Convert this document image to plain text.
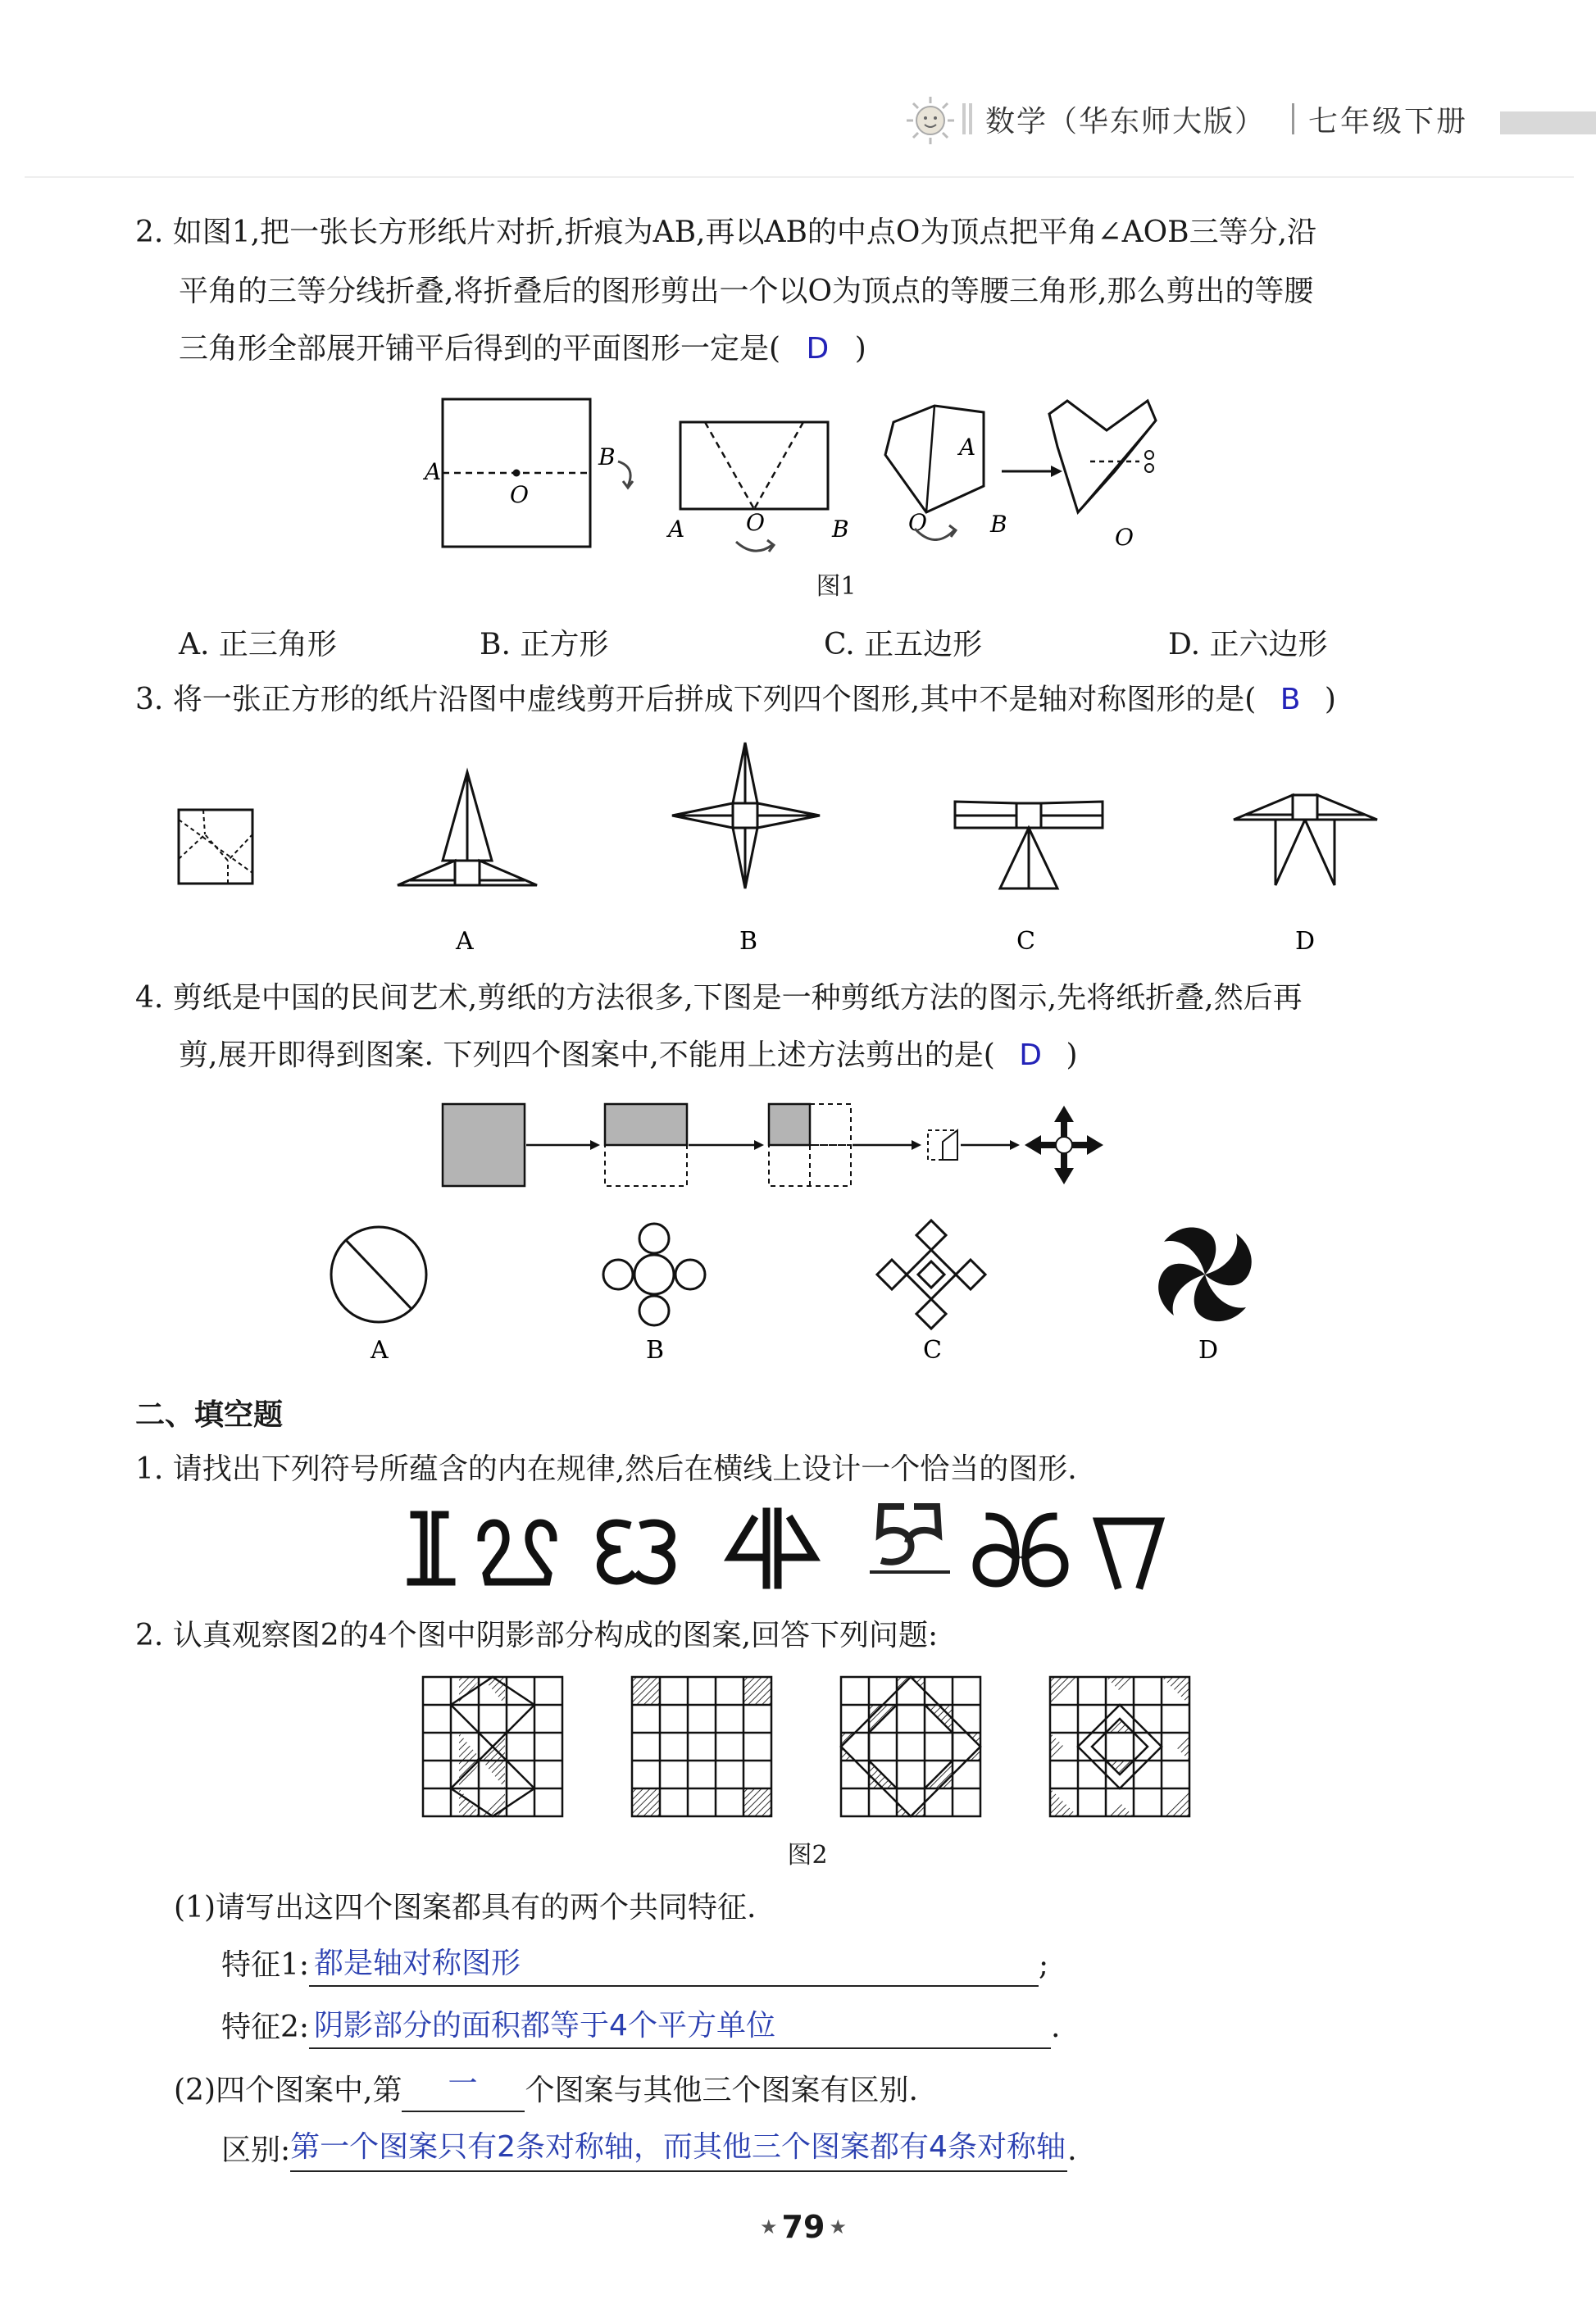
数学（华东师大版） 七年级下册
2. 如图1,把一张长方形纸片对折,折痕为AB,再以AB的中点O为顶点把平角∠AOB三等分,沿
平角的三等分线折叠,将折叠后的图形剪出一个以O为顶点的等腰三角形,那么剪出的等腰
三角形全部展开铺平后得到的平面图形一定是( D )
A
B
O
A	O	B
A
O	B	O
图1
A. 正三角形	B. 正方形	C. 正五边形	D. 正六边形
3. 将一张正方形的纸片沿图中虚线剪开后拼成下列四个图形,其中不是轴对称图形的是( B )
A	B	C	D
4. 剪纸是中国的民间艺术,剪纸的方法很多,下图是一种剪纸方法的图示,先将纸折叠,然后再
剪,展开即得到图案. 下列四个图案中,不能用上述方法剪出的是( D )
A	B	C	D
二、填空题
1. 请找出下列符号所蕴含的内在规律,然后在横线上设计一个恰当的图形.
2. 认真观察图2的4个图中阴影部分构成的图案,回答下列问题:
图2
(1)请写出这四个图案都具有的两个共同特征.
特征1: 都是轴对称图形	;
特征2: 阴影部分的面积都等于4个平方单位	.
(2)四个图案中,第 一 个图案与其他三个图案有区别.
区别: 第一个图案只有2条对称轴，而其他三个图案都有4条对称轴 .
★ 79 ★
